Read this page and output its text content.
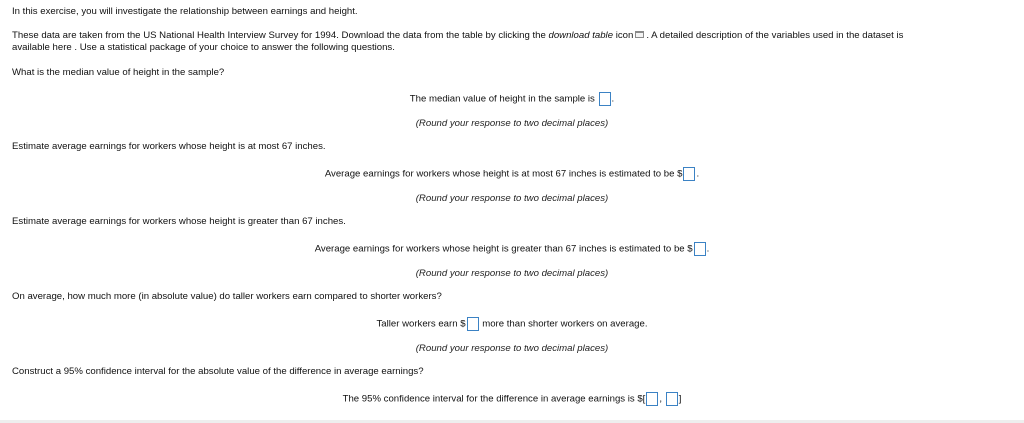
In this exercise, you will investigate the relationship between earnings and height.
These data are taken from the US National Health Interview Survey for 1994. Download the data from the table by clicking the download table icon . A detailed description of the variables used in the dataset is
available here . Use a statistical package of your choice to answer the following questions.
What is the median value of height in the sample?
The median value of height in the sample is .
(Round your response to two decimal places)
Estimate average earnings for workers whose height is at most 67 inches.
Average earnings for workers whose height is at most 67 inches is estimated to be $ .
(Round your response to two decimal places)
Estimate average earnings for workers whose height is greater than 67 inches.
Average earnings for workers whose height is greater than 67 inches is estimated to be $ .
(Round your response to two decimal places)
On average, how much more (in absolute value) do taller workers earn compared to shorter workers?
Taller workers earn $ more than shorter workers on average.
(Round your response to two decimal places)
Construct a 95% confidence interval for the absolute value of the difference in average earnings?
The 95% confidence interval for the difference in average earnings is $[ , ]
